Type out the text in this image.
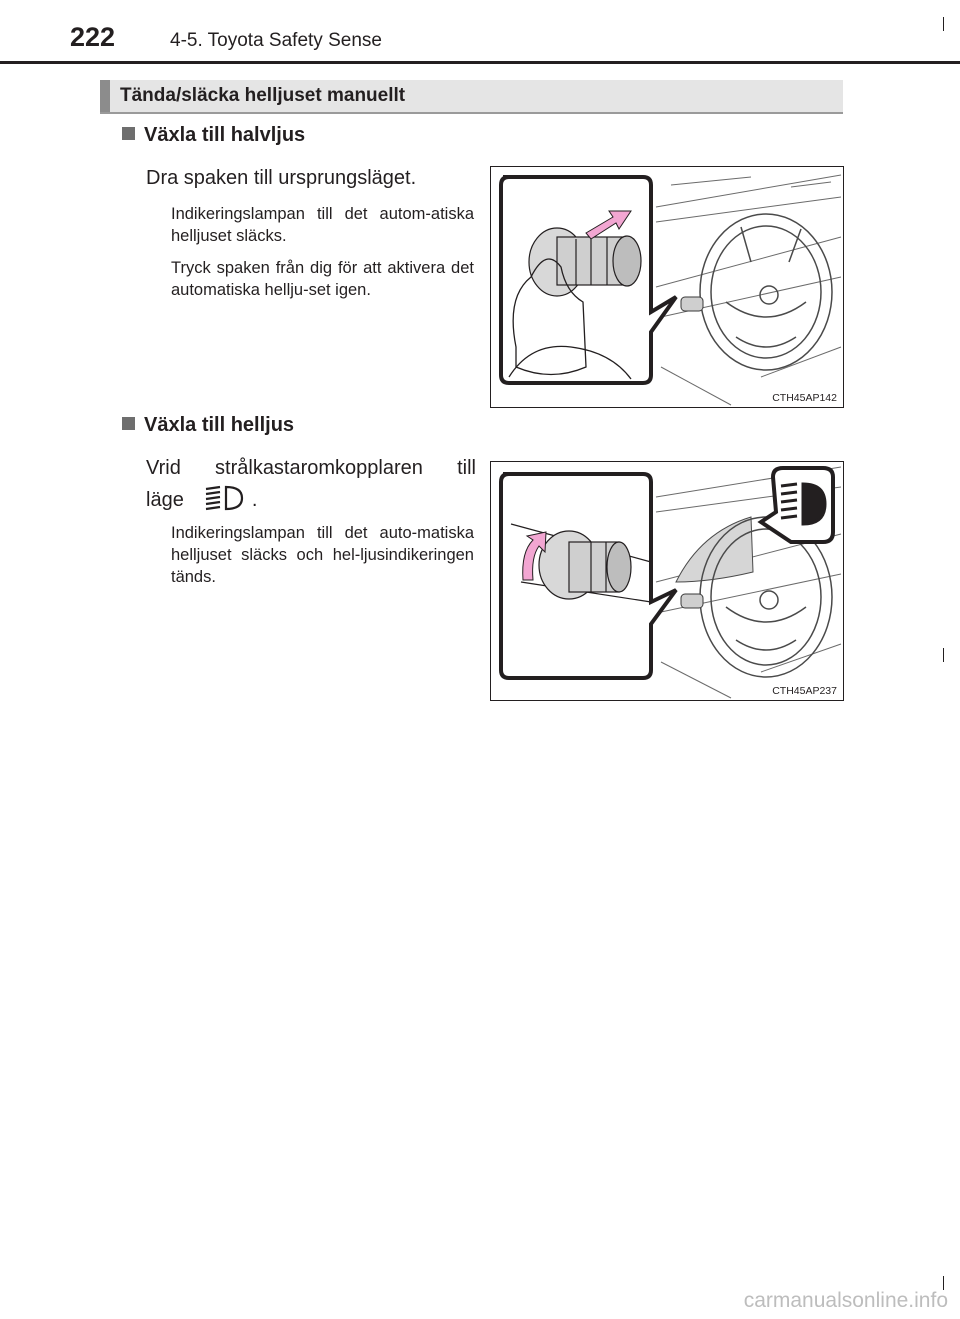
222	4-5. Toyota Safety Sense
Tända/släcka helljuset manuellt
Växla till halvljus
Dra spaken till ursprungsläget.

Indikeringslampan till det autom-atiska helljuset släcks.

Tryck spaken från dig för att aktivera det automatiska hellju-set igen.

CTH45AP142
Växla till helljus
Vrid strålkastaromkopplaren till
läge	.

Indikeringslampan till det auto-matiska helljuset släcks och hel-ljusindikeringen tänds.

CTH45AP237
carmanualsonline.info
